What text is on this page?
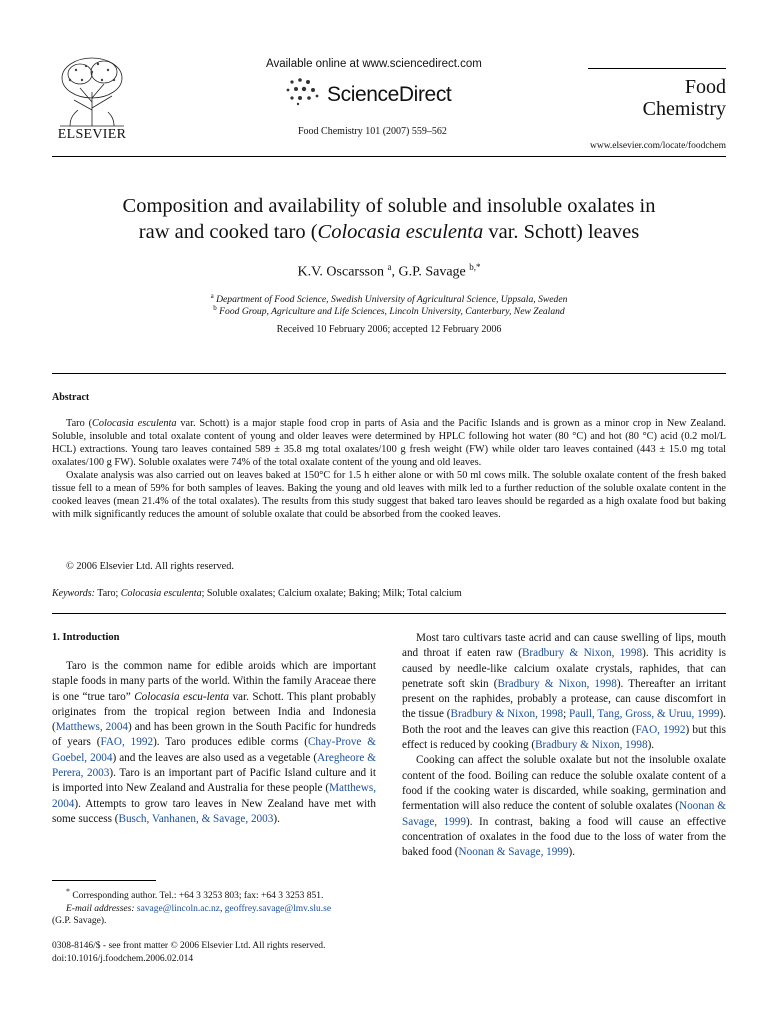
ELSEVIER
Available online at www.sciencedirect.com
ScienceDirect
Food Chemistry 101 (2007) 559–562
Food
Chemistry
www.elsevier.com/locate/foodchem
Composition and availability of soluble and insoluble oxalates in
raw and cooked taro (Colocasia esculenta var. Schott) leaves
K.V. Oscarsson $^a$, G.P. Savage $^{b,*}$
$^a$ Department of Food Science, Swedish University of Agricultural Science, Uppsala, Sweden
$^b$ Food Group, Agriculture and Life Sciences, Lincoln University, Canterbury, New Zealand
Received 10 February 2006; accepted 12 February 2006
Abstract

Taro (Colocasia esculenta var. Schott) is a major staple food crop in parts of Asia and the Pacific Islands and is grown as a minor crop in New Zealand. Soluble, insoluble and total oxalate content of young and older leaves were determined by HPLC following hot water (80 °C) and hot (80 °C) acid (0.2 mol/L HCL) extractions. Young taro leaves contained 589 ± 35.8 mg total oxalates/100 g fresh weight (FW) while older taro leaves contained (443 ± 15.0 mg total oxalates/100 g FW). Soluble oxalates were 74% of the total oxalate content of the young and old leaves.

Oxalate analysis was also carried out on leaves baked at 150°C for 1.5 h either alone or with 50 ml cows milk. The soluble oxalate content of the fresh baked tissue fell to a mean of 59% for both samples of leaves. Baking the young and old leaves with milk led to a further reduction of the soluble oxalate content in the cooked leaves (mean 21.4% of the total oxalates). The results from this study suggest that baked taro leaves should be regarded as a high oxalate food but baking with milk significantly reduces the amount of soluble oxalate that could be absorbed from the cooked leaves.

© 2006 Elsevier Ltd. All rights reserved.
Keywords: Taro; Colocasia esculenta; Soluble oxalates; Calcium oxalate; Baking; Milk; Total calcium
1. Introduction

Taro is the common name for edible aroids which are important staple foods in many parts of the world. Within the family Araceae there is one “true taro” Colocasia escu-lenta var. Schott. This plant probably originates from the tropical region between India and Indonesia (Matthews, 2004) and has been grown in the South Pacific for hundreds of years (FAO, 1992). Taro produces edible corms (Chay-Prove & Goebel, 2004) and the leaves are also used as a vegetable (Aregheore & Perera, 2003). Taro is an important part of Pacific Island culture and it is imported into New Zealand and Australia for these people (Matthews, 2004). Attempts to grow taro leaves in New Zealand have met with some success (Busch, Vanhanen, & Savage, 2003).

Most taro cultivars taste acrid and can cause swelling of lips, mouth and throat if eaten raw (Bradbury & Nixon, 1998). This acridity is caused by needle-like calcium oxalate crystals, raphides, that can penetrate soft skin (Bradbury & Nixon, 1998). Thereafter an irritant present on the raphides, probably a protease, can cause discomfort in the tissue (Bradbury & Nixon, 1998; Paull, Tang, Gross, & Uruu, 1999). Both the root and the leaves can give this reaction (FAO, 1992) but this effect is reduced by cooking (Bradbury & Nixon, 1998).

Cooking can affect the soluble oxalate but not the insoluble oxalate content of the food. Boiling can reduce the soluble oxalate content of a food if the cooking water is discarded, while soaking, germination and fermentation will also reduce the content of soluble oxalates (Noonan & Savage, 1999). In contrast, baking a food will cause an effective concentration of oxalates in the food due to the loss of water from the baked food (Noonan & Savage, 1999).

* Corresponding author. Tel.: +64 3 3253 803; fax: +64 3 3253 851.
E-mail addresses: savage@lincoln.ac.nz, geoffrey.savage@lmv.slu.se
(G.P. Savage).
0308-8146/$ - see front matter © 2006 Elsevier Ltd. All rights reserved.
doi:10.1016/j.foodchem.2006.02.014
